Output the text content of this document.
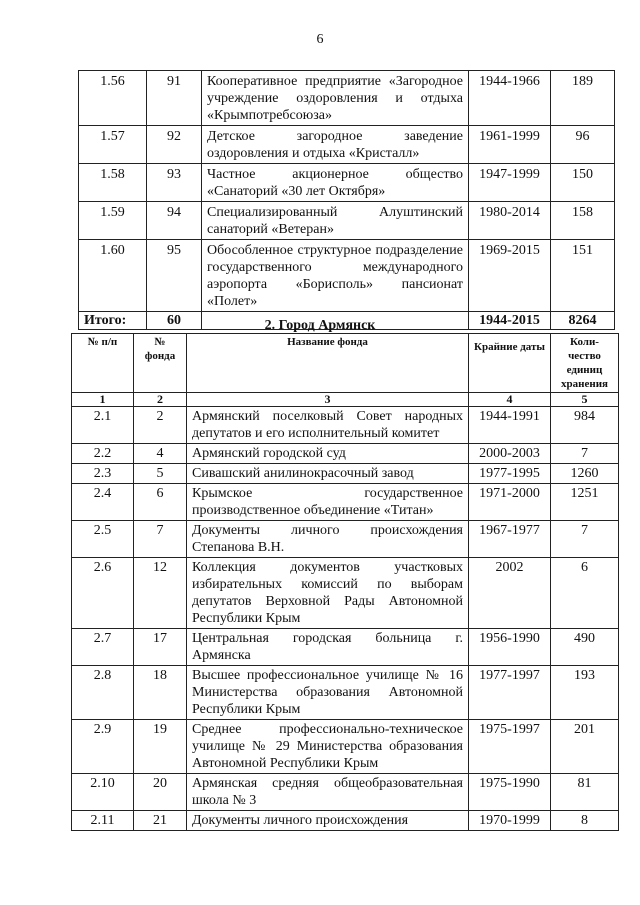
6
1.56	91	Кооперативное предприятие «Загородное учреждение оздоровления и отдыха «Крымпотребсоюза»	1944-1966	189
1.57	92	Детское загородное заведение оздоровления и отдыха «Кристалл»	1961-1999	96
1.58	93	Частное акционерное общество «Санаторий «30 лет Октября»	1947-1999	150
1.59	94	Специализированный Алуштинский санаторий «Ветеран»	1980-2014	158
1.60	95	Обособленное структурное подразделение государственного международного аэропорта «Борисполь» пансионат «Полет»	1969-2015	151
Итого:	60		1944-2015	8264
2. Город Армянск
№ п/п	№ фонда	Название фонда	Крайние даты	Коли-чество единиц хранения
1	2	3	4	5
2.1	2	Армянский поселковый Совет народных депутатов и его исполнительный комитет	1944-1991	984
2.2	4	Армянский городской суд	2000-2003	7
2.3	5	Сивашский анилинокрасочный завод	1977-1995	1260
2.4	6	Крымское государственное производственное объединение «Титан»	1971-2000	1251
2.5	7	Документы личного происхождения Степанова В.Н.	1967-1977	7
2.6	12	Коллекция документов участковых избирательных комиссий по выборам депутатов Верховной Рады Автономной Республики Крым	2002	6
2.7	17	Центральная городская больница г. Армянска	1956-1990	490
2.8	18	Высшее профессиональное училище № 16 Министерства образования Автономной Республики Крым	1977-1997	193
2.9	19	Среднее профессионально-техническое училище № 29 Министерства образования Автономной Республики Крым	1975-1997	201
2.10	20	Армянская средняя общеобразовательная школа № 3	1975-1990	81
2.11	21	Документы личного происхождения	1970-1999	8
